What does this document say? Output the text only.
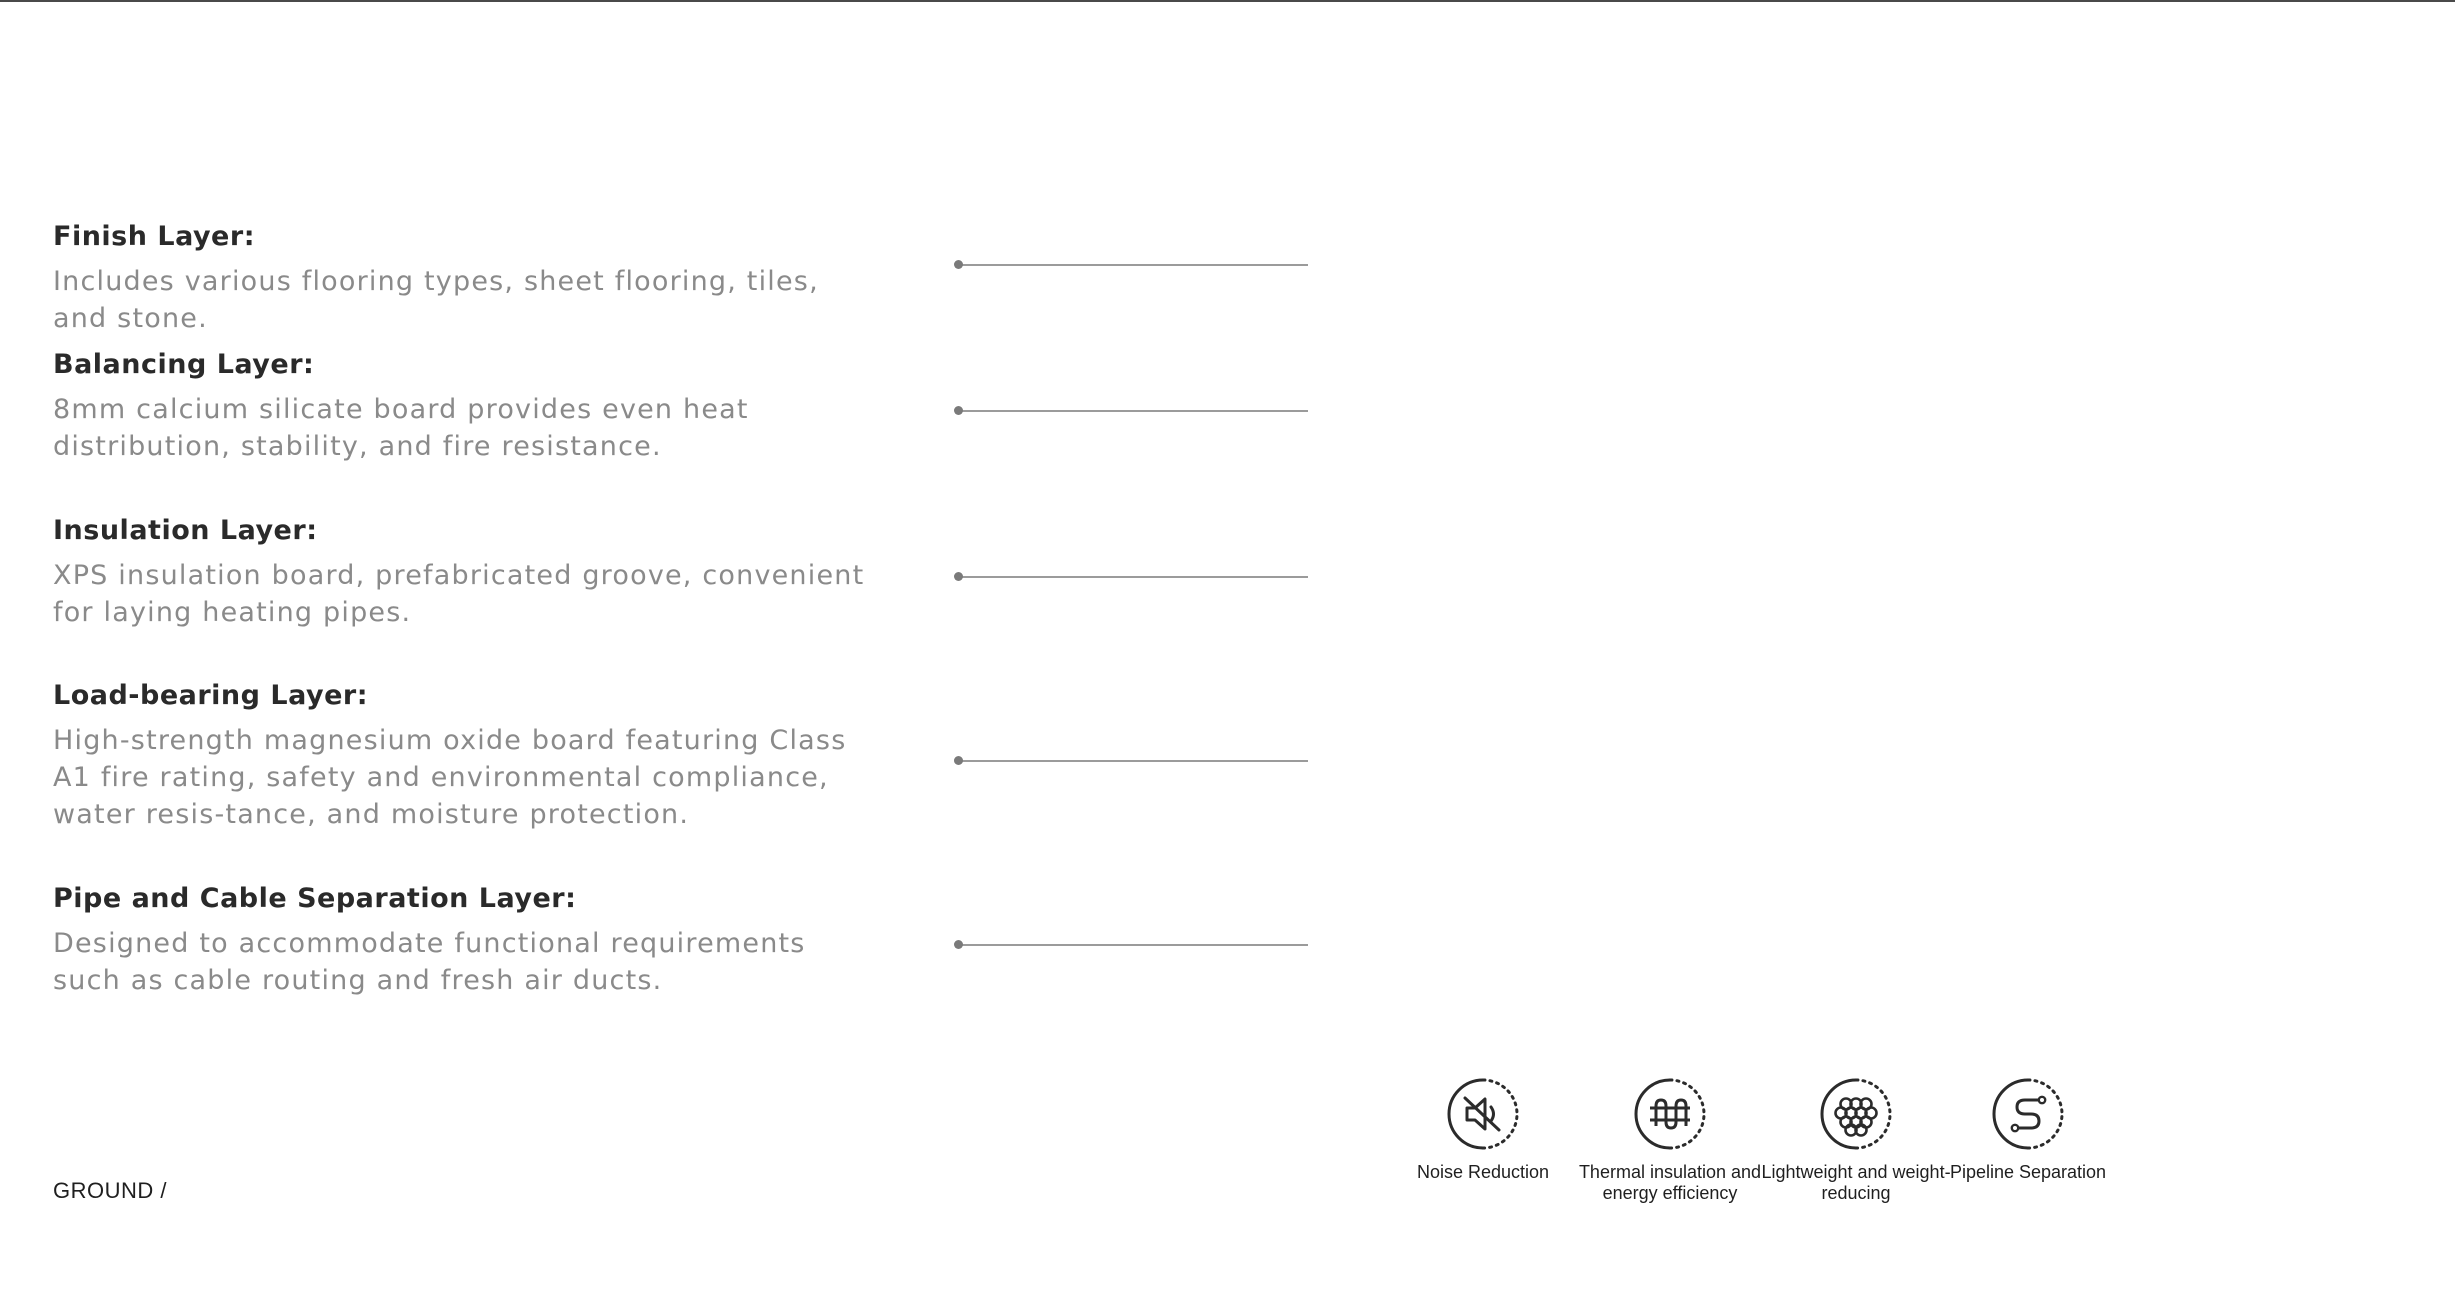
Finish Layer:

Includes various flooring types, sheet flooring, tiles, and stone.

Balancing Layer:

8mm calcium silicate board provides even heat distribution, stability, and fire resistance.

Insulation Layer:

XPS insulation board, prefabricated groove, convenient for laying heating pipes.

Load-bearing Layer:

High-strength magnesium oxide board featuring Class A1 fire rating, safety and environmental compliance, water resis-tance, and moisture protection.

Pipe and Cable Separation Layer:

Designed to accommodate functional requirements such as cable routing and fresh air ducts.

Noise Reduction	Thermal insulation and energy efficiency
Lightweight and weight-reducing
Pipeline Separation
GROUND /
